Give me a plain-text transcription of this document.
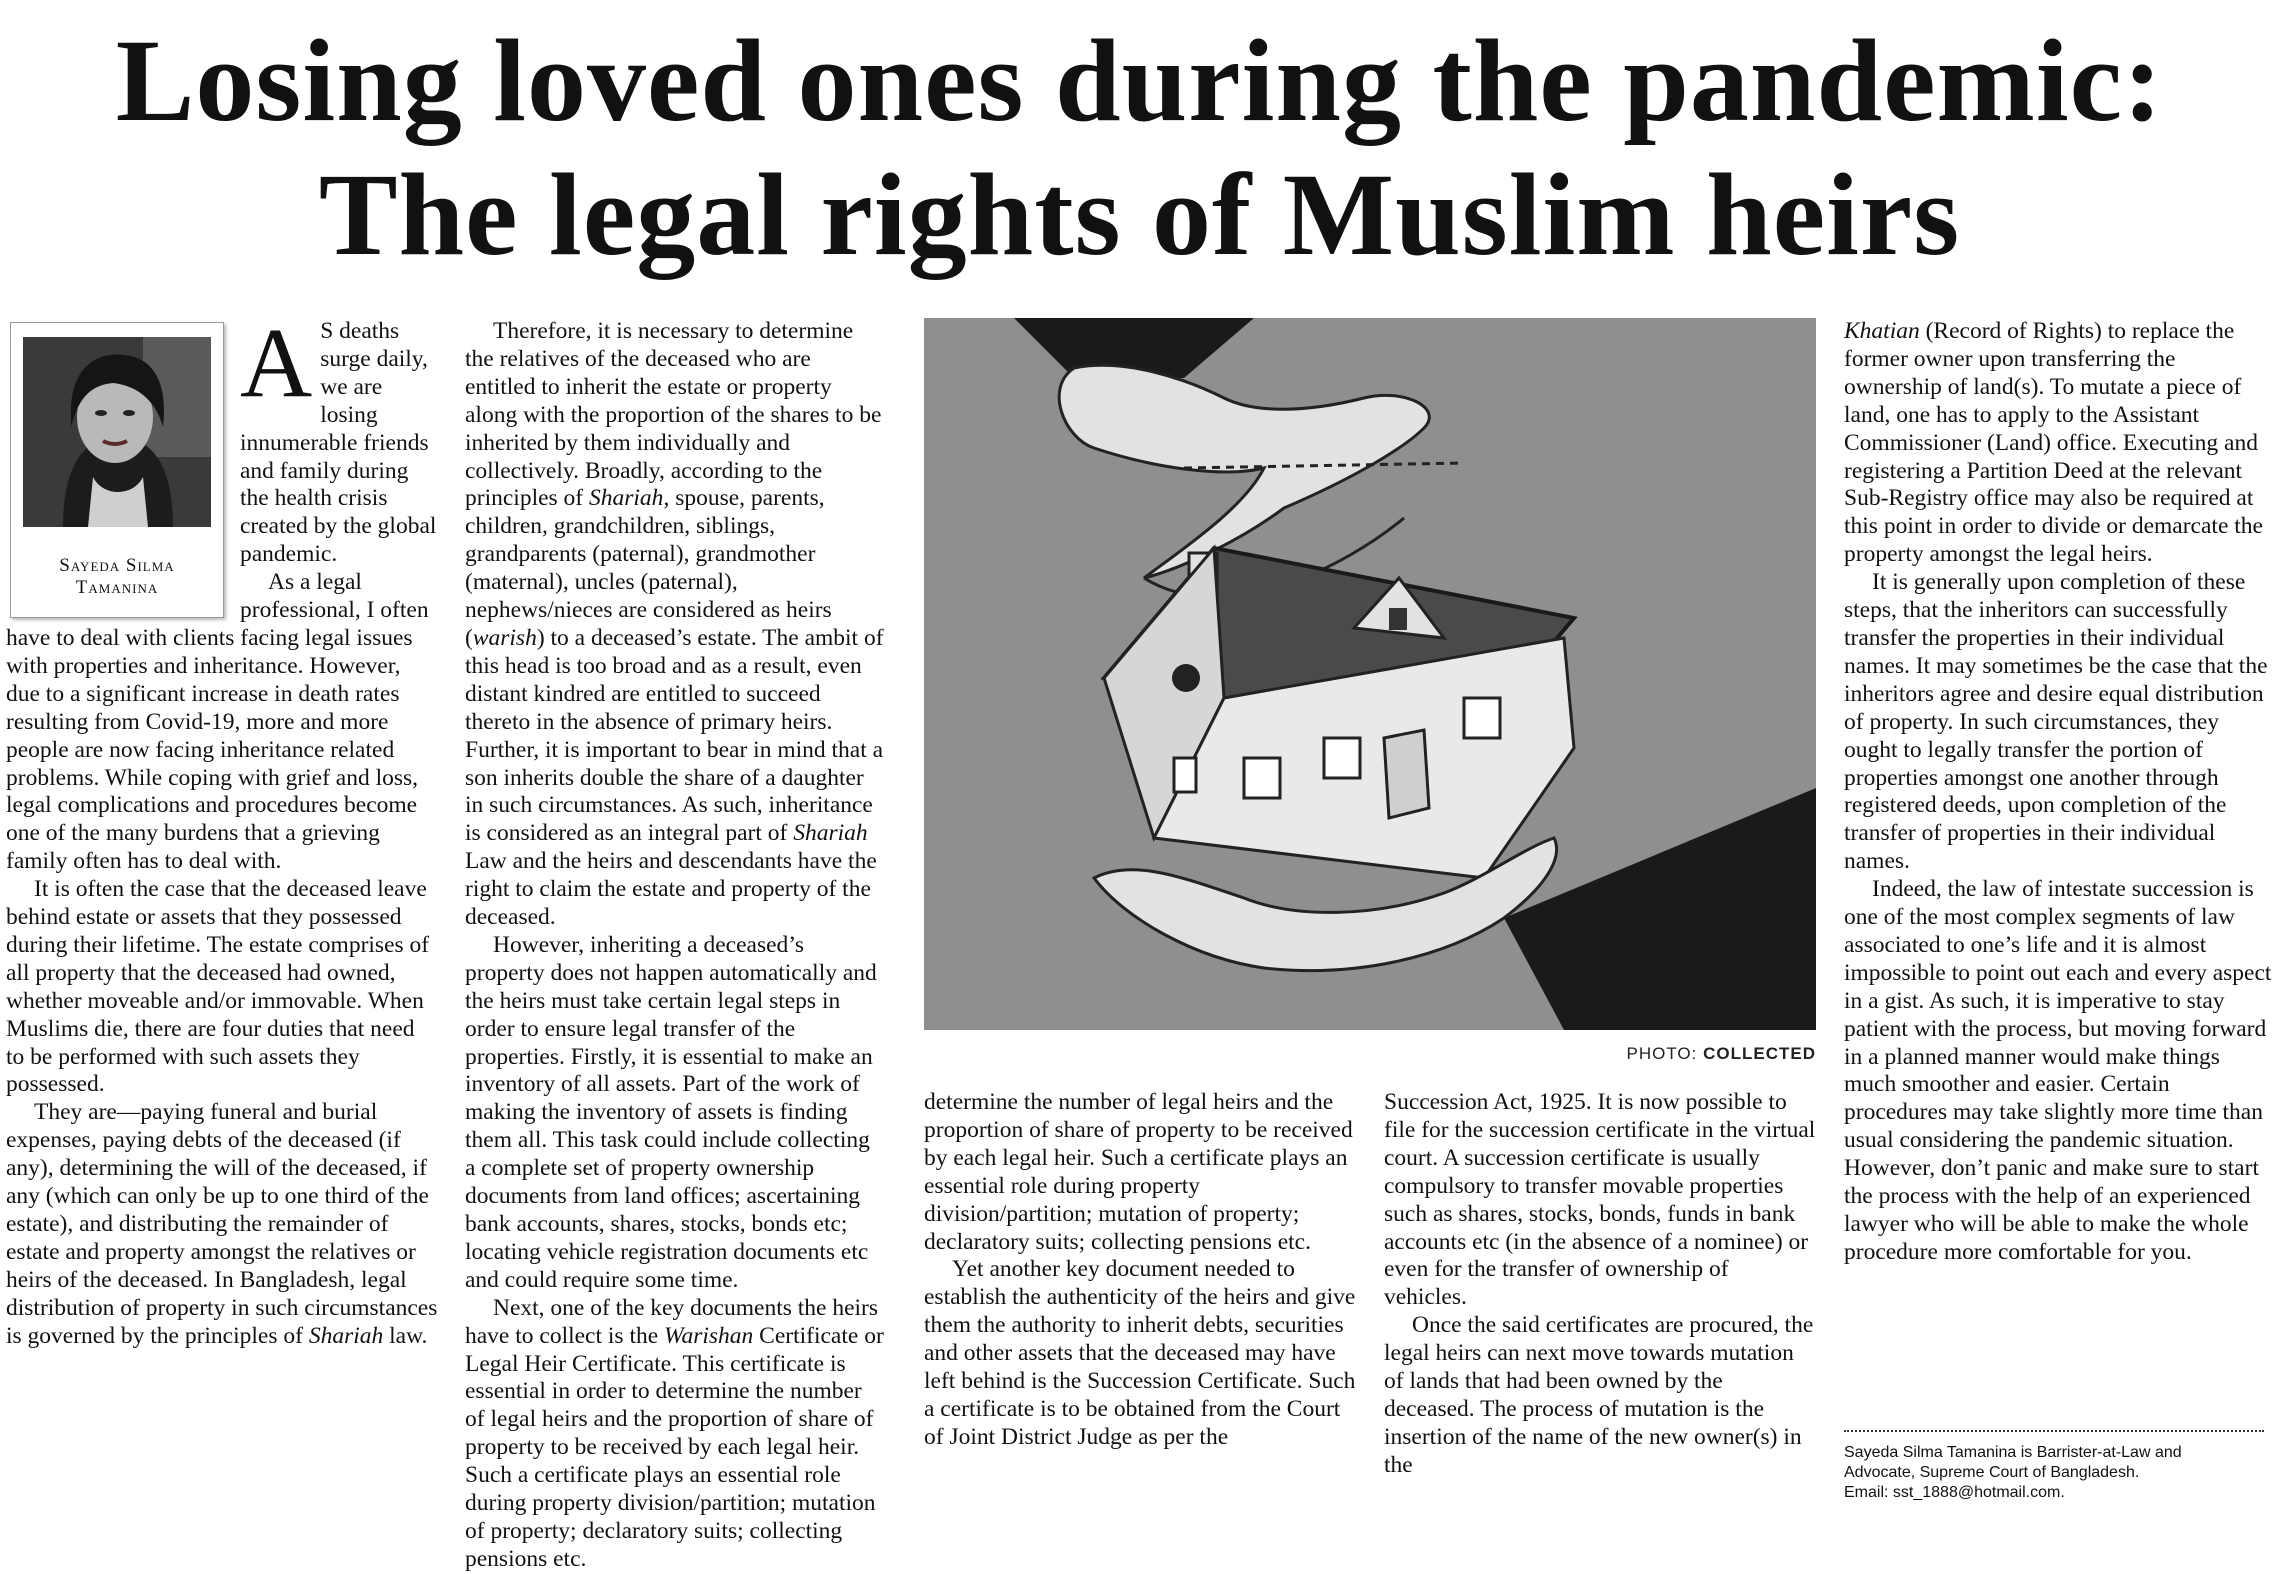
Losing loved ones during the pandemic:
The legal rights of Muslim heirs
Sayeda Silma
Tamanina

A S deaths surge daily, we are losing innumerable friends and family during the health crisis created by the global pandemic.

As a legal professional, I often have to deal with clients facing legal issues with properties and inheritance. However, due to a significant increase in death rates resulting from Covid-19, more and more people are now facing inheritance related problems. While coping with grief and loss, legal complications and procedures become one of the many burdens that a grieving family often has to deal with.

It is often the case that the deceased leave behind estate or assets that they possessed during their lifetime. The estate comprises of all property that the deceased had owned, whether moveable and/or immovable. When Muslims die, there are four duties that need to be performed with such assets they possessed.

They are—paying funeral and burial expenses, paying debts of the deceased (if any), determining the will of the deceased, if any (which can only be up to one third of the estate), and distributing the remainder of estate and property amongst the relatives or heirs of the deceased. In Bangladesh, legal distribution of property in such circumstances is governed by the principles of Shariah law.

Therefore, it is necessary to determine the relatives of the deceased who are entitled to inherit the estate or property along with the proportion of the shares to be inherited by them individually and collectively. Broadly, according to the principles of Shariah, spouse, parents, children, grandchildren, siblings, grandparents (paternal), grandmother (maternal), uncles (paternal), nephews/nieces are considered as heirs (warish) to a deceased’s estate. The ambit of this head is too broad and as a result, even distant kindred are entitled to succeed thereto in the absence of primary heirs. Further, it is important to bear in mind that a son inherits double the share of a daughter in such circumstances. As such, inheritance is considered as an integral part of Shariah Law and the heirs and descendants have the right to claim the estate and property of the deceased.

However, inheriting a deceased’s property does not happen automatically and the heirs must take certain legal steps in order to ensure legal transfer of the properties. Firstly, it is essential to make an inventory of all assets. Part of the work of making the inventory of assets is finding them all. This task could include collecting a complete set of property ownership documents from land offices; ascertaining bank accounts, shares, stocks, bonds etc; locating vehicle registration documents etc and could require some time.

Next, one of the key documents the heirs have to collect is the Warishan Certificate or Legal Heir Certificate. This certificate is essential in order to determine the number of legal heirs and the proportion of share of property to be received by each legal heir. Such a certificate plays an essential role during property division/partition; mutation of property; declaratory suits; collecting pensions etc.

PHOTO: COLLECTED

determine the number of legal heirs and the proportion of share of property to be received by each legal heir. Such a certificate plays an essential role during property division/partition; mutation of property; declaratory suits; collecting pensions etc.

Yet another key document needed to establish the authenticity of the heirs and give them the authority to inherit debts, securities and other assets that the deceased may have left behind is the Succession Certificate. Such a certificate is to be obtained from the Court of Joint District Judge as per the

Succession Act, 1925. It is now possible to file for the succession certificate in the virtual court. A succession certificate is usually compulsory to transfer movable properties such as shares, stocks, bonds, funds in bank accounts etc (in the absence of a nominee) or even for the transfer of ownership of vehicles.

Once the said certificates are procured, the legal heirs can next move towards mutation of lands that had been owned by the deceased. The process of mutation is the insertion of the name of the new owner(s) in the

Khatian (Record of Rights) to replace the former owner upon transferring the ownership of land(s). To mutate a piece of land, one has to apply to the Assistant Commissioner (Land) office. Executing and registering a Partition Deed at the relevant Sub-Registry office may also be required at this point in order to divide or demarcate the property amongst the legal heirs.

It is generally upon completion of these steps, that the inheritors can successfully transfer the properties in their individual names. It may sometimes be the case that the inheritors agree and desire equal distribution of property. In such circumstances, they ought to legally transfer the portion of properties amongst one another through registered deeds, upon completion of the transfer of properties in their individual names.

Indeed, the law of intestate succession is one of the most complex segments of law associated to one’s life and it is almost impossible to point out each and every aspect in a gist. As such, it is imperative to stay patient with the process, but moving forward in a planned manner would make things much smoother and easier. Certain procedures may take slightly more time than usual considering the pandemic situation. However, don’t panic and make sure to start the process with the help of an experienced lawyer who will be able to make the whole procedure more comfortable for you.

Sayeda Silma Tamanina is Barrister-at-Law and
Advocate, Supreme Court of Bangladesh.
Email: sst_1888@hotmail.com.
